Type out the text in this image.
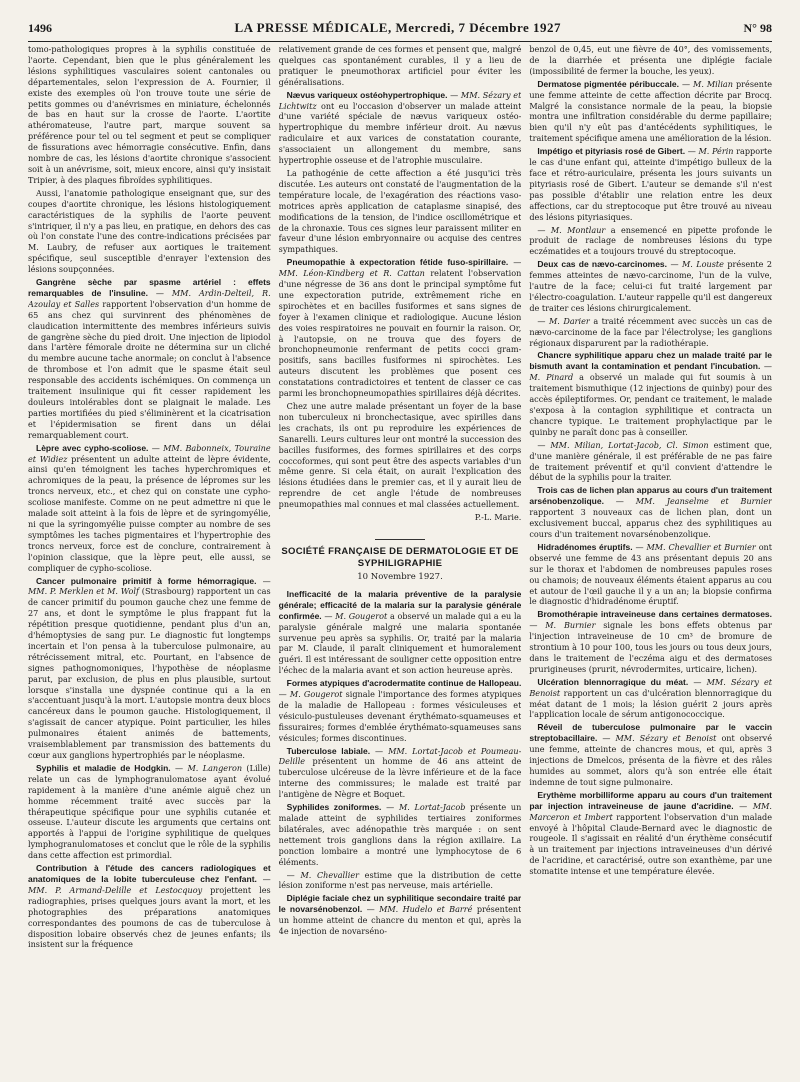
1496	LA PRESSE MÉDICALE, Mercredi, 7 Décembre 1927	N° 98

tomo-pathologiques propres à la syphilis constituée de l'aorte. Cependant, bien que le plus généralement les lésions syphilitiques vasculaires soient cantonales ou départementales, selon l'expression de A. Fournier, il existe des exemples où l'on trouve toute une série de petits gommes ou d'anévrismes en miniature, échelonnés de bas en haut sur la crosse de l'aorte. L'aortite athéromateuse, l'autre part, marque souvent sa préférence pour tel ou tel segment et peut se compliquer de fissurations avec hémorragie consécutive. Enfin, dans nombre de cas, les lésions d'aortite chronique s'associent soit à un anévrisme, soit, mieux encore, ainsi qu'y insistait Tripier, à des plaques fibroïdes syphilitiques.

Aussi, l'anatomie pathologique enseignant que, sur des coupes d'aortite chronique, les lésions histologiquement caractéristiques de la syphilis de l'aorte peuvent s'intriquer, il n'y a pas lieu, en pratique, en dehors des cas où l'on constate l'une des contre-indications précisées par M. Laubry, de refuser aux aortiques le traitement spécifique, seul susceptible d'enrayer l'extension des lésions soupçonnées.

Gangrène sèche par spasme artériel : effets remarquables de l'insuline. — MM. Ardin-Delteil, R. Azoulay et Salles rapportent l'observation d'un homme de 65 ans chez qui survinrent des phénomènes de claudication intermittente des membres inférieurs suivis de gangrène sèche du pied droit. Une injection de lipiodol dans l'artère fémorale droite ne détermina sur un cliché du membre aucune tache anormale; on conclut à l'absence de thrombose et l'on admit que le spasme était seul responsable des accidents ischémiques. On commença un traitement insulinique qui fit cesser rapidement les douleurs intolérables dont se plaignait le malade. Les parties mortifiées du pied s'éliminèrent et la cicatrisation et l'épidermisation se firent dans un délai remarquablement court.

Lèpre avec cypho-scoliose. — MM. Babonneix, Touraine et Widiez présentent un adulte atteint de lèpre évidente, ainsi qu'en témoignent les taches hyperchromiques et achromiques de la peau, la présence de lépromes sur les troncs nerveux, etc., et chez qui on constate une cypho-scoliose manifeste. Comme on ne peut admettre ni que le malade soit atteint à la fois de lèpre et de syringomyélie, ni que la syringomyélie puisse compter au nombre de ses symptômes les taches pigmentaires et l'hypertrophie des troncs nerveux, force est de conclure, contrairement à l'opinion classique, que la lèpre peut, elle aussi, se compliquer de cypho-scoliose.

Cancer pulmonaire primitif à forme hémorragique. — MM. P. Merklen et M. Wolf (Strasbourg) rapportent un cas de cancer primitif du poumon gauche chez une femme de 27 ans, et dont le symptôme le plus frappant fut la répétition presque quotidienne, pendant plus d'un an, d'hémoptysies de sang pur. Le diagnostic fut longtemps incertain et l'on pensa à la tuberculose pulmonaire, au rétrécissement mitral, etc. Pourtant, en l'absence de signes pathognomoniques, l'hypothèse de néoplasme parut, par exclusion, de plus en plus plausible, surtout lorsque s'installa une dyspnée continue qui a la en s'accentuant jusqu'à la mort. L'autopsie montra deux blocs cancéreux dans le poumon gauche. Histologiquement, il s'agissait de cancer atypique. Point particulier, les hiles pulmonaires étaient animés de battements, vraisemblablement par transmission des battements du cœur aux ganglions hypertrophiés par le néoplasme.

Syphilis et maladie de Hodgkin. — M. Langeron (Lille) relate un cas de lymphogranulomatose ayant évolué rapidement à la manière d'une anémie aiguë chez un homme récemment traité avec succès par la thérapeutique spécifique pour une syphilis cutanée et osseuse. L'auteur discute les arguments que certains ont apportés à l'appui de l'origine syphilitique de quelques lymphogranulomatoses et conclut que le rôle de la syphilis dans cette affection est primordial.

Contribution à l'étude des cancers radiologiques et anatomiques de la lobite tuberculeuse chez l'enfant. — MM. P. Armand-Delille et Lestocquoy projettent les radiographies, prises quelques jours avant la mort, et les photographies des préparations anatomiques correspondantes des poumons de cas de tuberculose à disposition lobaire observés chez de jeunes enfants; ils insistent sur la fréquence

relativement grande de ces formes et pensent que, malgré quelques cas spontanément curables, il y a lieu de pratiquer le pneumothorax artificiel pour éviter les généralisations.

Nævus variqueux ostéohypertrophique. — MM. Sézary et Lichtwitz ont eu l'occasion d'observer un malade atteint d'une variété spéciale de nævus variqueux ostéo-hypertrophique du membre inférieur droit. Au nævus radiculaire et aux varices de constatation courante, s'associaient un allongement du membre, sans hypertrophie osseuse et de l'atrophie musculaire.

La pathogénie de cette affection a été jusqu'ici très discutée. Les auteurs ont constaté de l'augmentation de la température locale, de l'exagération des réactions vaso-motrices après application de cataplasme sinapisé, des modifications de la tension, de l'indice oscillométrique et de la chronaxie. Tous ces signes leur paraissent militer en faveur d'une lésion embryonnaire ou acquise des centres sympathiques.

Pneumopathie à expectoration fétide fuso-spirillaire. — MM. Léon-Kindberg et R. Cattan relatent l'observation d'une négresse de 36 ans dont le principal symptôme fut une expectoration putride, extrêmement riche en spirochètes et en bacilles fusiformes et sans signes de foyer à l'examen clinique et radiologique. Aucune lésion des voies respiratoires ne pouvait en fournir la raison. Or, à l'autopsie, on ne trouva que des foyers de bronchopneumonie renfermant de petits cocci gram-positifs, sans bacilles fusiformes ni spirochètes. Les auteurs discutent les problèmes que posent ces constatations contradictoires et tentent de classer ce cas parmi les bronchopneumopathies spirillaires déjà décrites.

Chez une autre malade présentant un foyer de la base non tuberculeux ni bronchectasique, avec spirilles dans les crachats, ils ont pu reproduire les expériences de Sanarelli. Leurs cultures leur ont montré la succession des bacilles fusiformes, des formes spirillaires et des corps coccoformes, qui sont peut être des aspects variables d'un même genre. Si cela était, on aurait l'explication des lésions étudiées dans le premier cas, et il y aurait lieu de reprendre de cet angle l'étude de nombreuses pneumopathies mal connues et mal classées actuellement.

P.-L. Marie.

SOCIÉTÉ FRANÇAISE DE DERMATOLOGIE ET DE SYPHILIGRAPHIE

10 Novembre 1927.

Inefficacité de la malaria préventive de la paralysie générale; efficacité de la malaria sur la paralysie générale confirmée. — M. Gougerot a observé un malade qui a eu la paralysie générale malgré une malaria spontanée survenue peu après sa syphilis. Or, traité par la malaria par M. Claude, il paraît cliniquement et humoralement guéri. Il est intéressant de souligner cette opposition entre l'échec de la malaria avant et son action heureuse après.

Formes atypiques d'acrodermatite continue de Hallopeau. — M. Gougerot signale l'importance des formes atypiques de la maladie de Hallopeau : formes vésiculeuses et vésiculo-pustuleuses devenant érythémato-squameuses et fissuraires; formes d'emblée érythémato-squameuses sans vésicules; formes discontinues.

Tuberculose labiale. — MM. Lortat-Jacob et Poumeau-Delille présentent un homme de 46 ans atteint de tuberculose ulcéreuse de la lèvre inférieure et de la face interne des commissures; le malade est traité par l'antigène de Nègre et Boquet.

Syphilides zoniformes. — M. Lortat-Jacob présente un malade atteint de syphilides tertiaires zoniformes bilatérales, avec adénopathie très marquée : on sent nettement trois ganglions dans la région axillaire. La ponction lombaire a montré une lymphocytose de 6 éléments.

— M. Chevallier estime que la distribution de cette lésion zoniforme n'est pas nerveuse, mais artérielle.

Diplégie faciale chez un syphilitique secondaire traité par le novarsénobenzol. — MM. Hudelo et Barré présentent un homme atteint de chancre du menton et qui, après la 4e injection de novarséno-

benzol de 0,45, eut une fièvre de 40°, des vomissements, de la diarrhée et présenta une diplégie faciale (impossibilité de fermer la bouche, les yeux).

Dermatose pigmentée péribuccale. — M. Milian présente une femme atteinte de cette affection décrite par Brocq. Malgré la consistance normale de la peau, la biopsie montra une infiltration considérable du derme papillaire; bien qu'il n'y eût pas d'antécédents syphilitiques, le traitement spécifique amena une amélioration de la lésion.

Impétigo et pityriasis rosé de Gibert. — M. Périn rapporte le cas d'une enfant qui, atteinte d'impétigo bulleux de la face et rétro-auriculaire, présenta les jours suivants un pityriasis rosé de Gibert. L'auteur se demande s'il n'est pas possible d'établir une relation entre les deux affections, car du streptocoque put être trouvé au niveau des lésions pityriasiques.

— M. Montlaur a ensemencé en pipette profonde le produit de raclage de nombreuses lésions du type eczématides et a toujours trouvé du streptocoque.

Deux cas de nævo-carcinomes. — M. Louste présente 2 femmes atteintes de nævo-carcinome, l'un de la vulve, l'autre de la face; celui-ci fut traité largement par l'électro-coagulation. L'auteur rappelle qu'il est dangereux de traiter ces lésions chirurgicalement.

— M. Darier a traité récemment avec succès un cas de nævo-carcinome de la face par l'électrolyse; les ganglions régionaux disparurent par la radiothérapie.

Chancre syphilitique apparu chez un malade traité par le bismuth avant la contamination et pendant l'incubation. — M. Pinard a observé un malade qui fut soumis à un traitement bismuthique (12 injections de quinby) pour des accès épileptiformes. Or, pendant ce traitement, le malade s'exposa à la contagion syphilitique et contracta un chancre typique. Le traitement prophylactique par le quinby ne paraît donc pas à conseiller.

— MM. Milian, Lortat-Jacob, Cl. Simon estiment que, d'une manière générale, il est préférable de ne pas faire de traitement préventif et qu'il convient d'attendre le début de la syphilis pour la traiter.

Trois cas de lichen plan apparus au cours d'un traitement arsénobenzolique. — MM. Jeanselme et Burnier rapportent 3 nouveaux cas de lichen plan, dont un exclusivement buccal, apparus chez des syphilitiques au cours d'un traitement novarsénobenzolique.

Hidradénomes éruptifs. — MM. Chevallier et Burnier ont observé une femme de 43 ans présentant depuis 20 ans sur le thorax et l'abdomen de nombreuses papules roses ou chamois; de nouveaux éléments étaient apparus au cou et autour de l'œil gauche il y a un an; la biopsie confirma le diagnostic d'hidradénome éruptif.

Bromothérapie intraveineuse dans certaines dermatoses. — M. Burnier signale les bons effets obtenus par l'injection intraveineuse de 10 cm³ de bromure de strontium à 10 pour 100, tous les jours ou tous deux jours, dans le traitement de l'eczéma aigu et des dermatoses prurigineuses (prurit, névrodermites, urticaire, lichen).

Ulcération blennorragique du méat. — MM. Sézary et Benoist rapportent un cas d'ulcération blennorragique du méat datant de 1 mois; la lésion guérit 2 jours après l'application locale de sérum antigonococcique.

Réveil de tuberculose pulmonaire par le vaccin streptobacillaire. — MM. Sézary et Benoist ont observé une femme, atteinte de chancres mous, et qui, après 3 injections de Dmelcos, présenta de la fièvre et des râles humides au sommet, alors qu'à son entrée elle était indemne de tout signe pulmonaire.

Erythème morbilliforme apparu au cours d'un traitement par injection intraveineuse de jaune d'acridine. — MM. Marceron et Imbert rapportent l'observation d'un malade envoyé à l'hôpital Claude-Bernard avec le diagnostic de rougeole. Il s'agissait en réalité d'un érythème consécutif à un traitement par injections intraveineuses d'un dérivé de l'acridine, et caractérisé, outre son exanthème, par une stomatite intense et une température élevée.
